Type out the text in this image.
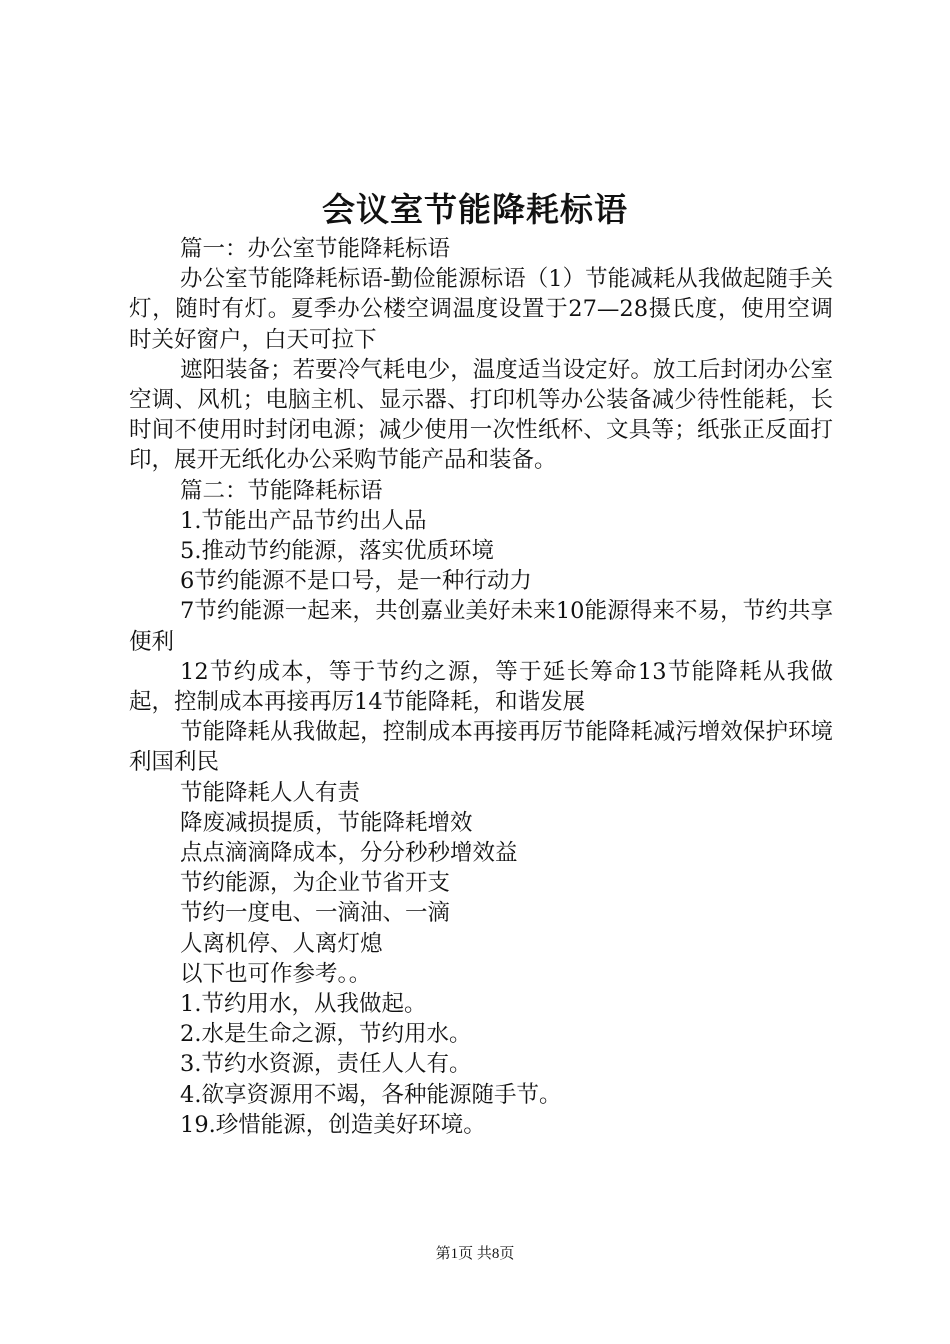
会议室节能降耗标语

篇一：办公室节能降耗标语

办公室节能降耗标语-勤俭能源标语（1）节能减耗从我做起随手关灯，随时有灯。夏季办公楼空调温度设置于27—28摄氏度，使用空调时关好窗户，白天可拉下

遮阳装备；若要冷气耗电少，温度适当设定好。放工后封闭办公室空调、风机；电脑主机、显示器、打印机等办公装备减少待性能耗，长时间不使用时封闭电源；减少使用一次性纸杯、文具等；纸张正反面打印，展开无纸化办公采购节能产品和装备。

篇二：节能降耗标语

1.节能出产品节约出人品

5.推动节约能源，落实优质环境

6节约能源不是口号，是一种行动力

7节约能源一起来，共创嘉业美好未来10能源得来不易，节约共享便利

12节约成本，等于节约之源，等于延长筹命13节能降耗从我做起，控制成本再接再厉14节能降耗，和谐发展

节能降耗从我做起，控制成本再接再厉节能降耗减污增效保护环境利国利民

节能降耗人人有责

降废减损提质，节能降耗增效

点点滴滴降成本，分分秒秒增效益

节约能源，为企业节省开支

节约一度电、一滴油、一滴

人离机停、人离灯熄

以下也可作参考。。

1.节约用水，从我做起。

2.水是生命之源，节约用水。

3.节约水资源，责任人人有。

4.欲享资源用不竭，各种能源随手节。

19.珍惜能源，创造美好环境。

第1页 共8页
